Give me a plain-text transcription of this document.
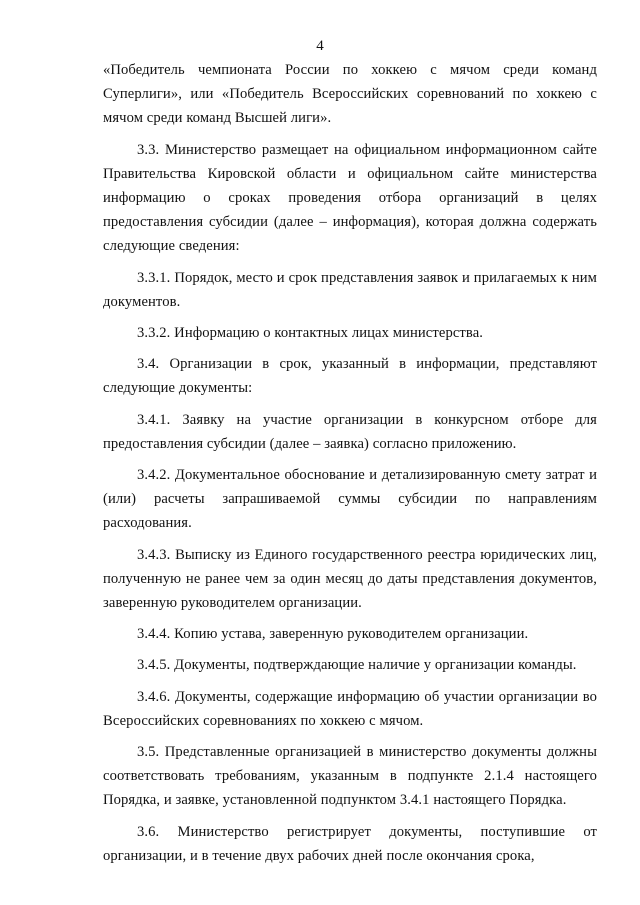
4

«Победитель чемпионата России по хоккею с мячом среди команд Суперлиги», или «Победитель Всероссийских соревнований по хоккею с мячом среди команд Высшей лиги».

3.3. Министерство размещает на официальном информационном сайте Правительства Кировской области и официальном сайте министерства информацию о сроках проведения отбора организаций в целях предоставления субсидии (далее – информация), которая должна содержать следующие сведения:

3.3.1. Порядок, место и срок представления заявок и прилагаемых к ним документов.

3.3.2. Информацию о контактных лицах министерства.

3.4. Организации в срок, указанный в информации, представляют следующие документы:

3.4.1. Заявку на участие организации в конкурсном отборе для предоставления субсидии (далее – заявка) согласно приложению.

3.4.2. Документальное обоснование и детализированную смету затрат и (или) расчеты запрашиваемой суммы субсидии по направлениям расходования.

3.4.3. Выписку из Единого государственного реестра юридических лиц, полученную не ранее чем за один месяц до даты представления документов, заверенную руководителем организации.

3.4.4. Копию устава, заверенную руководителем организации.

3.4.5. Документы, подтверждающие наличие у организации команды.

3.4.6. Документы, содержащие информацию об участии организации во Всероссийских соревнованиях по хоккею с мячом.

3.5. Представленные организацией в министерство документы должны соответствовать требованиям, указанным в подпункте 2.1.4 настоящего Порядка, и заявке, установленной подпунктом 3.4.1 настоящего Порядка.

3.6. Министерство регистрирует документы, поступившие от организации, и в течение двух рабочих дней после окончания срока,
